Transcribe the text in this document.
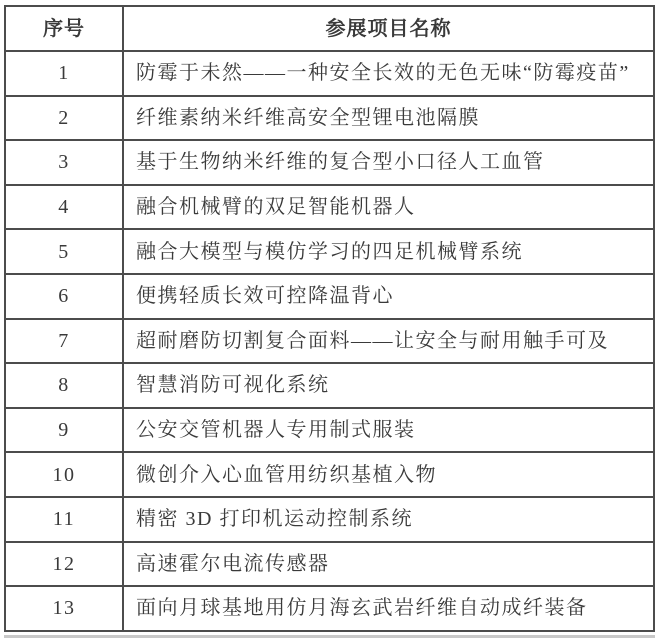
序号	参展项目名称
1	防霉于未然——一种安全长效的无色无味“防霉疫苗”
2	纤维素纳米纤维高安全型锂电池隔膜
3	基于生物纳米纤维的复合型小口径人工血管
4	融合机械臂的双足智能机器人
5	融合大模型与模仿学习的四足机械臂系统
6	便携轻质长效可控降温背心
7	超耐磨防切割复合面料——让安全与耐用触手可及
8	智慧消防可视化系统
9	公安交管机器人专用制式服装
10	微创介入心血管用纺织基植入物
11	精密 3D 打印机运动控制系统
12	高速霍尔电流传感器
13	面向月球基地用仿月海玄武岩纤维自动成纤装备
